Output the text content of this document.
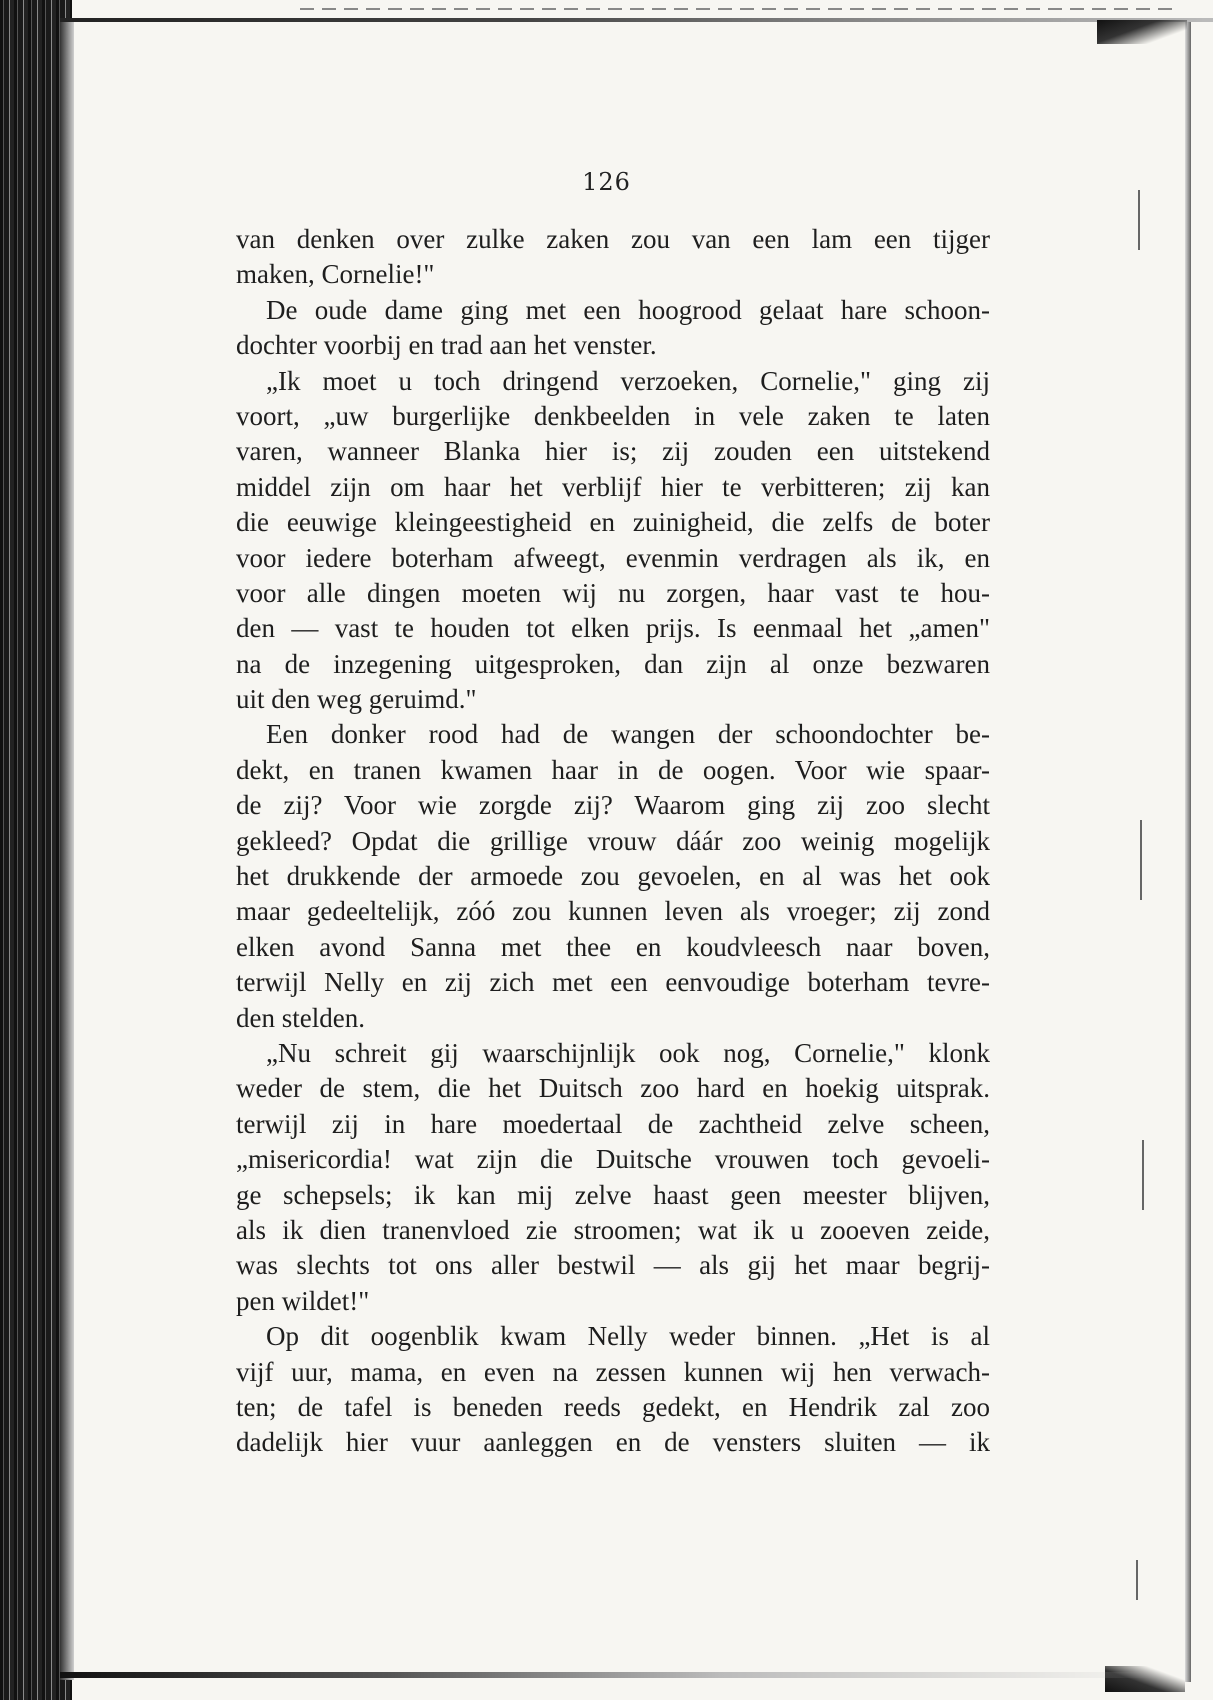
126
van denken over zulke zaken zou van een lam een tijger
maken, Cornelie!"
De oude dame ging met een hoogrood gelaat hare schoon-
dochter voorbij en trad aan het venster.
„Ik moet u toch dringend verzoeken, Cornelie," ging zij
voort, „uw burgerlijke denkbeelden in vele zaken te laten
varen, wanneer Blanka hier is; zij zouden een uitstekend
middel zijn om haar het verblijf hier te verbitteren; zij kan
die eeuwige kleingeestigheid en zuinigheid, die zelfs de boter
voor iedere boterham afweegt, evenmin verdragen als ik, en
voor alle dingen moeten wij nu zorgen, haar vast te hou-
den — vast te houden tot elken prijs. Is eenmaal het „amen"
na de inzegening uitgesproken, dan zijn al onze bezwaren
uit den weg geruimd."
Een donker rood had de wangen der schoondochter be-
dekt, en tranen kwamen haar in de oogen. Voor wie spaar-
de zij? Voor wie zorgde zij? Waarom ging zij zoo slecht
gekleed? Opdat die grillige vrouw dáár zoo weinig mogelijk
het drukkende der armoede zou gevoelen, en al was het ook
maar gedeeltelijk, zóó zou kunnen leven als vroeger; zij zond
elken avond Sanna met thee en koudvleesch naar boven,
terwijl Nelly en zij zich met een eenvoudige boterham tevre-
den stelden.
„Nu schreit gij waarschijnlijk ook nog, Cornelie," klonk
weder de stem, die het Duitsch zoo hard en hoekig uitsprak.
terwijl zij in hare moedertaal de zachtheid zelve scheen,
„misericordia! wat zijn die Duitsche vrouwen toch gevoeli-
ge schepsels; ik kan mij zelve haast geen meester blijven,
als ik dien tranenvloed zie stroomen; wat ik u zooeven zeide,
was slechts tot ons aller bestwil — als gij het maar begrij-
pen wildet!"
Op dit oogenblik kwam Nelly weder binnen. „Het is al
vijf uur, mama, en even na zessen kunnen wij hen verwach-
ten; de tafel is beneden reeds gedekt, en Hendrik zal zoo
dadelijk hier vuur aanleggen en de vensters sluiten — ik
